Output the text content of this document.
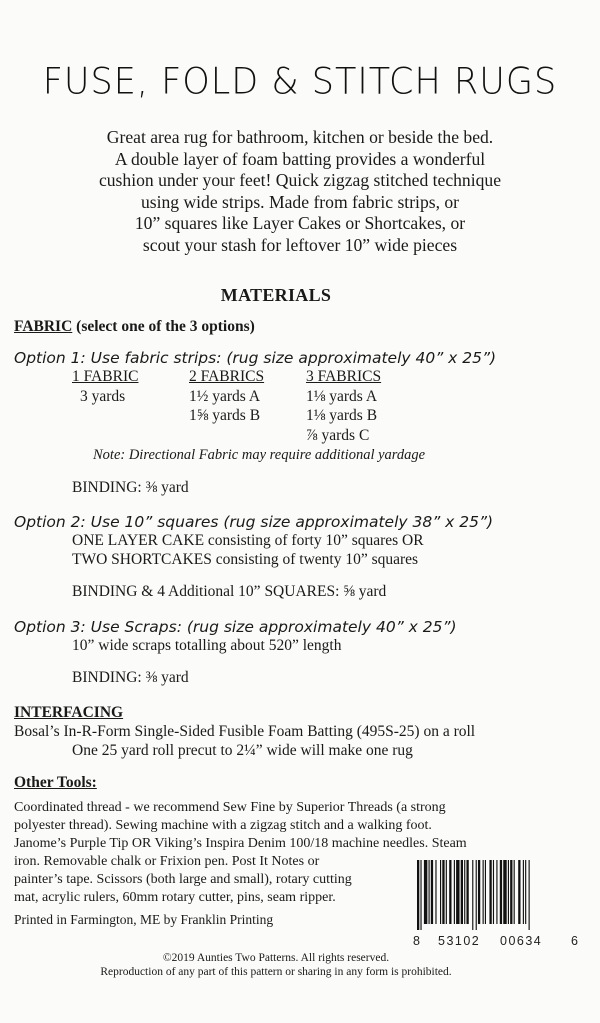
FUSE, FOLD & STITCH RUGS
Great area rug for bathroom, kitchen or beside the bed.
A double layer of foam batting provides a wonderful
cushion under your feet! Quick zigzag stitched technique
using wide strips. Made from fabric strips, or
10” squares like Layer Cakes or Shortcakes, or
scout your stash for leftover 10” wide pieces
MATERIALS
FABRIC (select one of the 3 options)
Option 1: Use fabric strips: (rug size approximately 40” x 25”)
1 FABRIC
3 yards
2 FABRICS
1½ yards A
1⅝ yards B
3 FABRICS
1⅛ yards A
1⅛ yards B
⅞ yards C
Note: Directional Fabric may require additional yardage
BINDING: ⅜ yard
Option 2: Use 10” squares (rug size approximately 38” x 25”)
ONE LAYER CAKE consisting of forty 10” squares OR
TWO SHORTCAKES consisting of twenty 10” squares
BINDING & 4 Additional 10” SQUARES: ⅝ yard
Option 3: Use Scraps: (rug size approximately 40” x 25”)
10” wide scraps totalling about 520” length
BINDING: ⅜ yard
INTERFACING
Bosal’s In-R-Form Single-Sided Fusible Foam Batting (495S-25) on a roll
One 25 yard roll precut to 2¼” wide will make one rug
Other Tools:
Coordinated thread - we recommend Sew Fine by Superior Threads (a strong
polyester thread). Sewing machine with a zigzag stitch and a walking foot.
Janome’s Purple Tip OR Viking’s Inspira Denim 100/18 machine needles. Steam
iron. Removable chalk or Frixion pen. Post It Notes or
painter’s tape. Scissors (both large and small), rotary cutting
mat, acrylic rulers, 60mm rotary cutter, pins, seam ripper.
Printed in Farmington, ME by Franklin Printing
8 53102 00634 6
©2019 Aunties Two Patterns. All rights reserved.
Reproduction of any part of this pattern or sharing in any form is prohibited.
